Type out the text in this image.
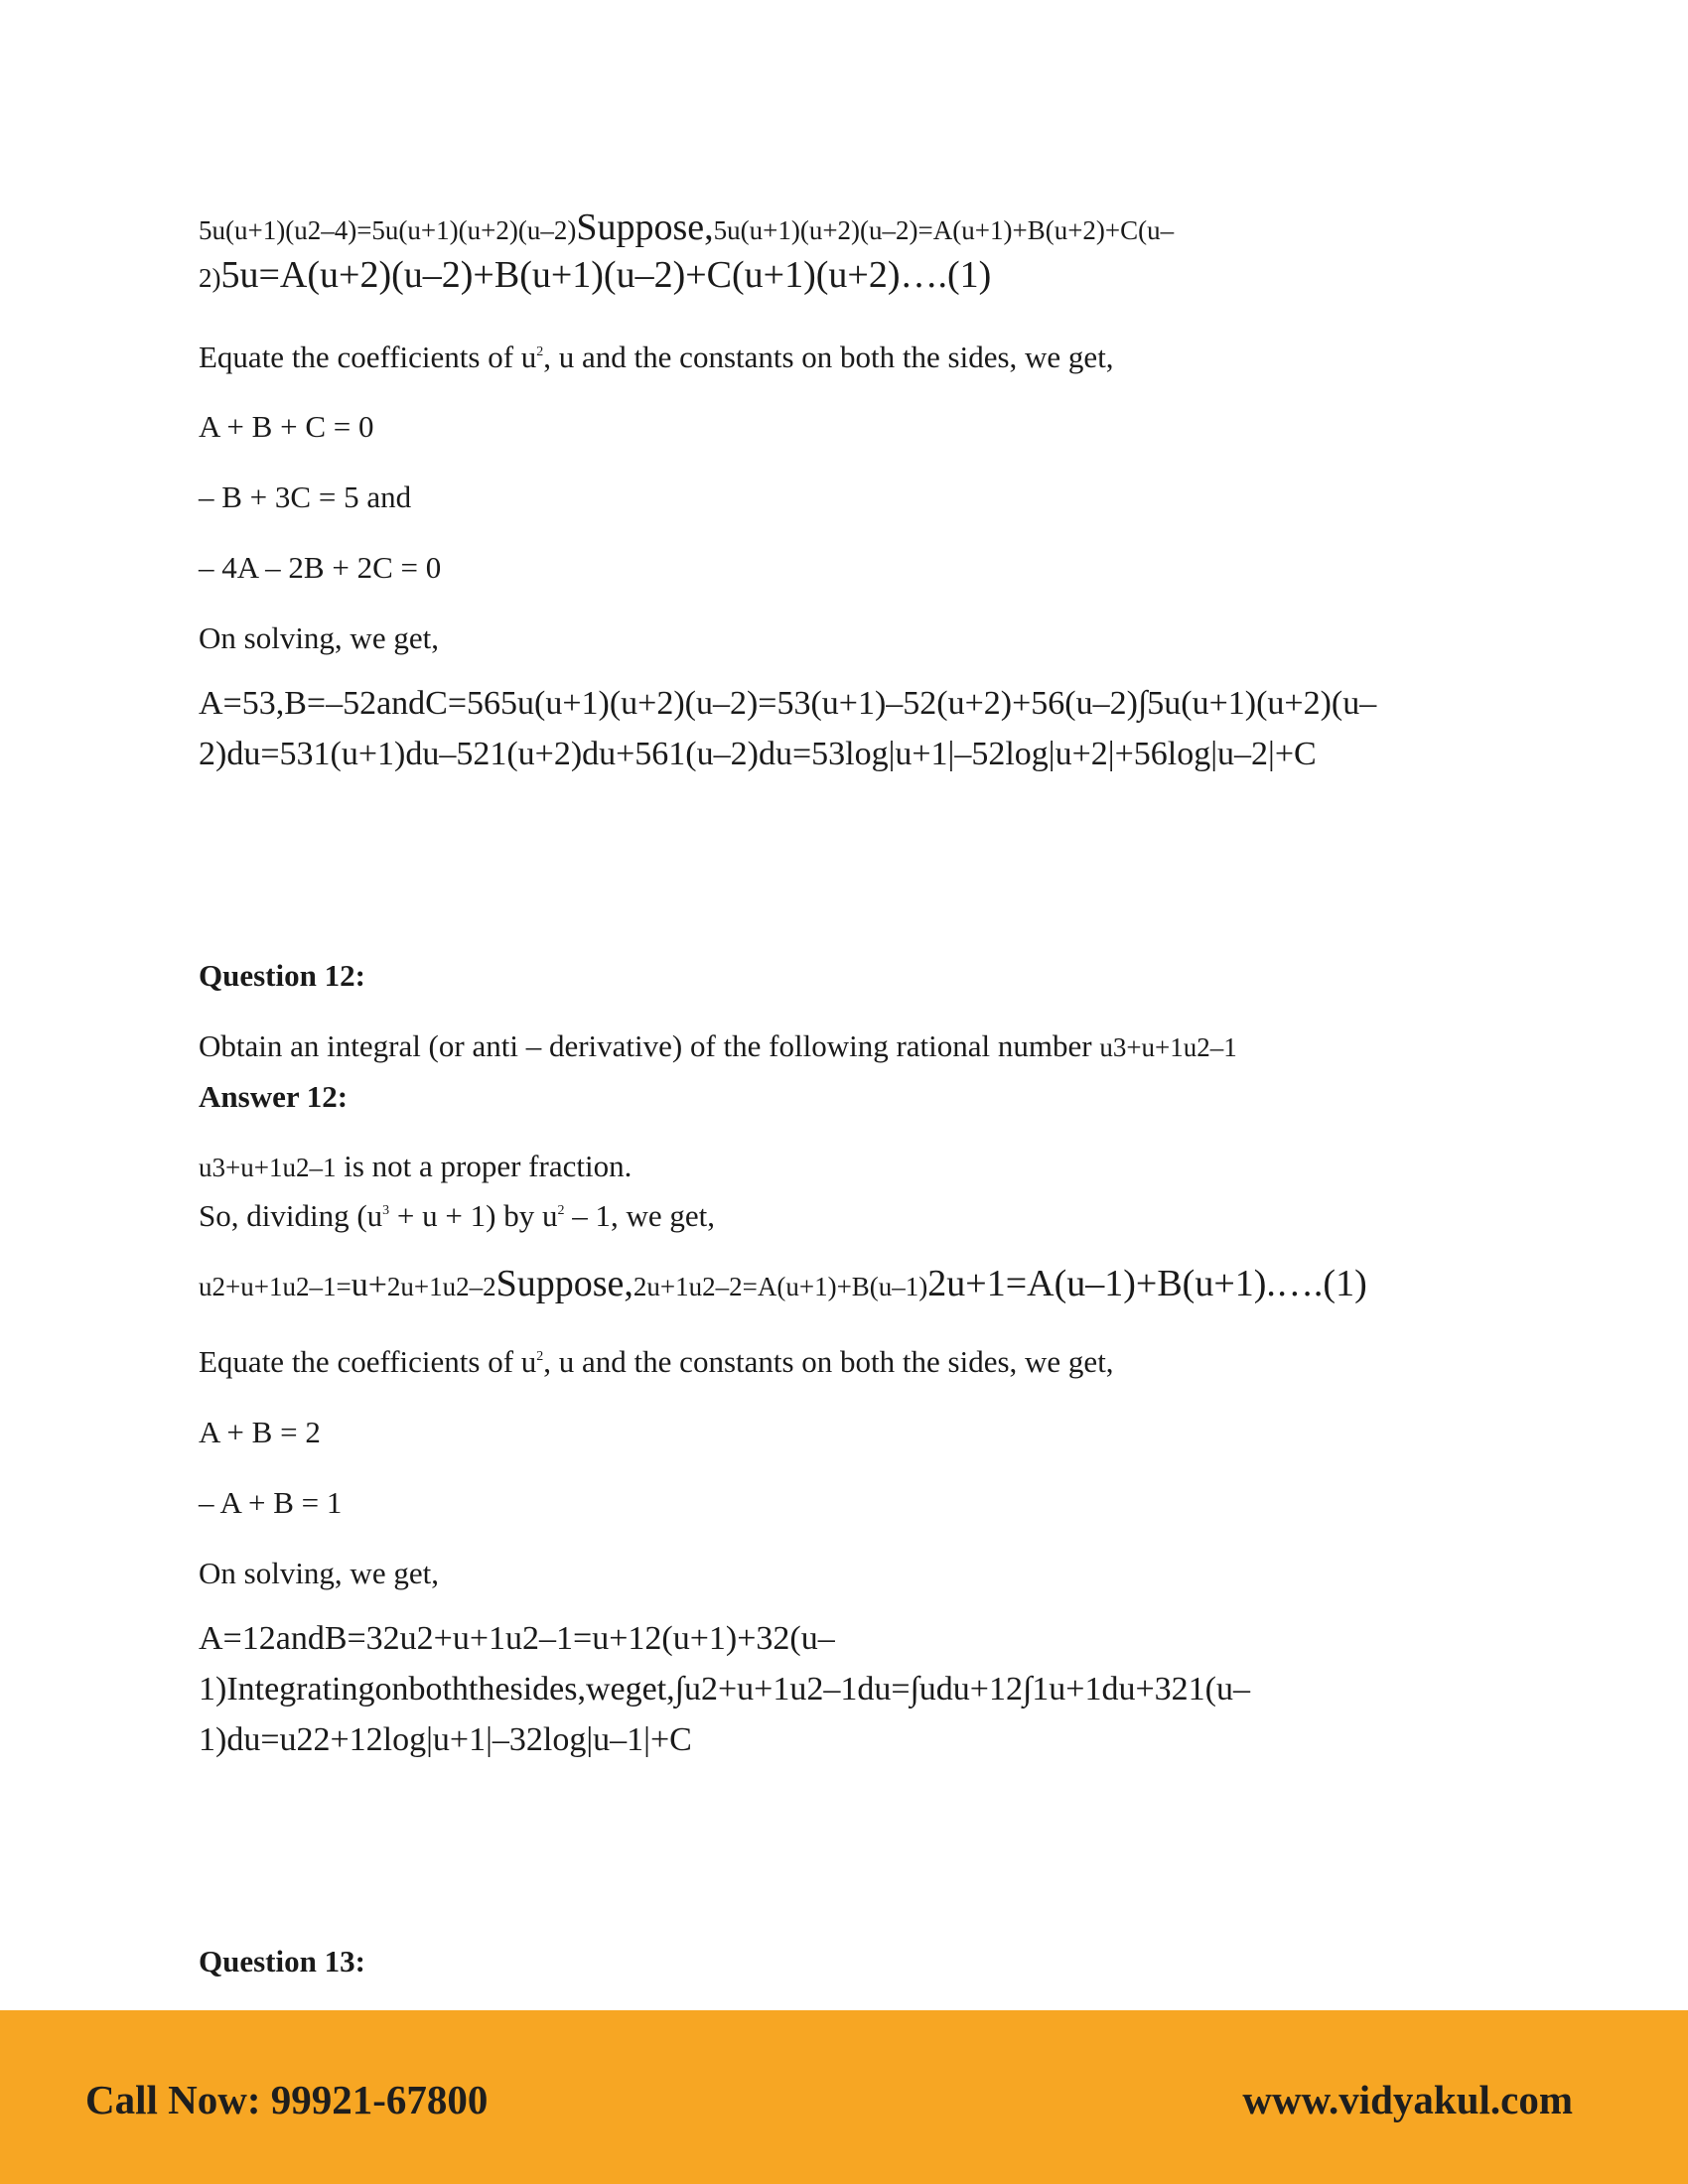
5u(u+1)(u2–4)=5u(u+1)(u+2)(u–2)Suppose,5u(u+1)(u+2)(u–2)=A(u+1)+B(u+2)+C(u–

2)5u=A(u+2)(u–2)+B(u+1)(u–2)+C(u+1)(u+2)….(1)

Equate the coefficients of $u^2$, u and the constants on both the sides, we get,

A + B + C = 0

– B + 3C = 5 and

– 4A – 2B + 2C = 0

On solving, we get,

A=53,B=–52andC=565u(u+1)(u+2)(u–2)=53(u+1)–52(u+2)+56(u–2)∫5u(u+1)(u+2)(u–

2)du=531(u+1)du–521(u+2)du+561(u–2)du=53log|u+1|–52log|u+2|+56log|u–2|+C

Question 12:

Obtain an integral (or anti – derivative) of the following rational number u3+u+1u2–1

Answer 12:

u3+u+1u2–1 is not a proper fraction.

So, dividing $(u^3 + u + 1)$ by $u^2 - 1$, we get,

u2+u+1u2–1=u+2u+1u2–2Suppose,2u+1u2–2=A(u+1)+B(u–1)2u+1=A(u–1)+B(u+1).….(1)

Equate the coefficients of $u^2$, u and the constants on both the sides, we get,

A + B = 2

– A + B = 1

On solving, we get,

A=12andB=32u2+u+1u2–1=u+12(u+1)+32(u–

1)Integratingonboththesides,weget,∫u2+u+1u2–1du=∫udu+12∫1u+1du+321(u–

1)du=u22+12log|u+1|–32log|u–1|+C

Question 13:

Call Now: 99921-67800	www.vidyakul.com
